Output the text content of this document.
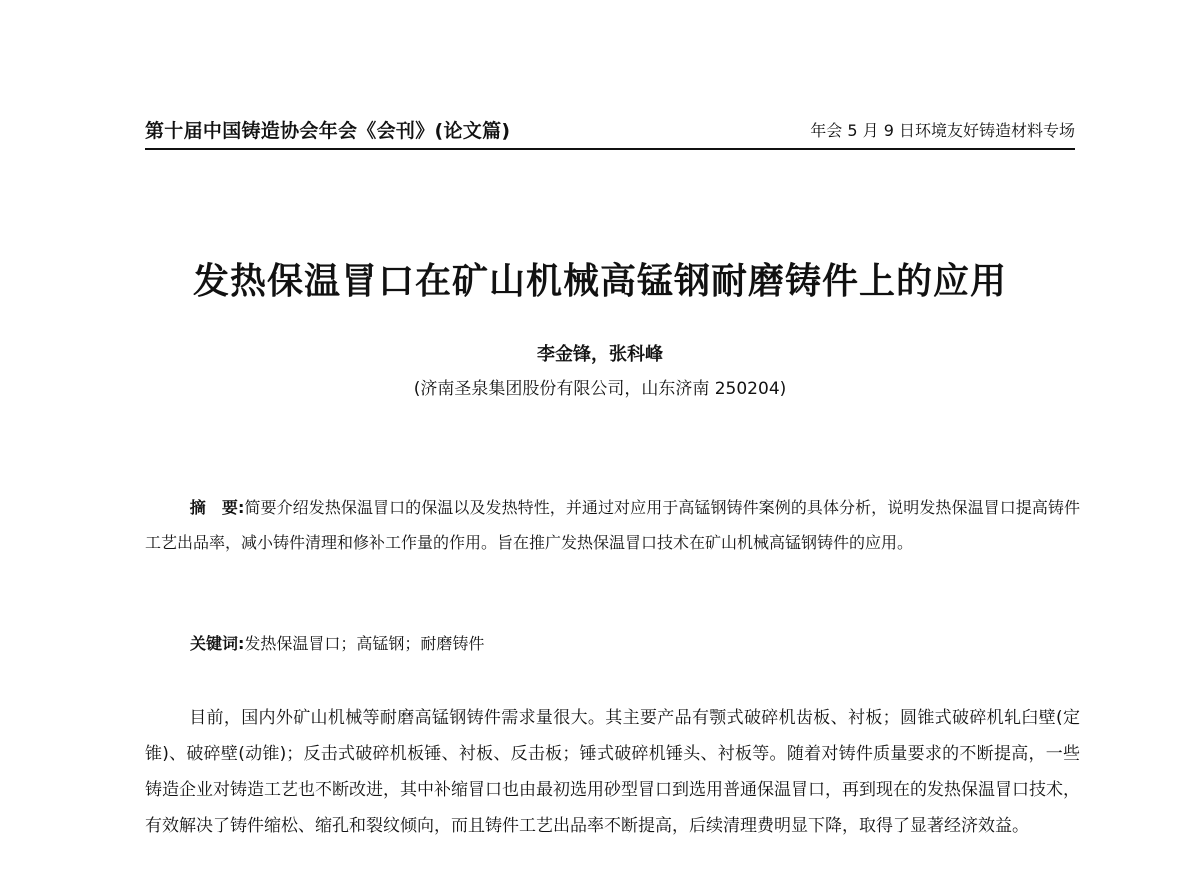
第十届中国铸造协会年会《会刊》(论文篇)	年会 5 月 9 日环境友好铸造材料专场
发热保温冒口在矿山机械高锰钢耐磨铸件上的应用
李金锋，张科峰
(济南圣泉集团股份有限公司，山东济南 250204)
摘　要:简要介绍发热保温冒口的保温以及发热特性，并通过对应用于高锰钢铸件案例的具体分析，说明发热保温冒口提高铸件工艺出品率，减小铸件清理和修补工作量的作用。旨在推广发热保温冒口技术在矿山机械高锰钢铸件的应用。
关键词:发热保温冒口；高锰钢；耐磨铸件
目前，国内外矿山机械等耐磨高锰钢铸件需求量很大。其主要产品有颚式破碎机齿板、衬板；圆锥式破碎机轧臼壁(定锥)、破碎壁(动锥)；反击式破碎机板锤、衬板、反击板；锤式破碎机锤头、衬板等。随着对铸件质量要求的不断提高，一些铸造企业对铸造工艺也不断改进，其中补缩冒口也由最初选用砂型冒口到选用普通保温冒口，再到现在的发热保温冒口技术，有效解决了铸件缩松、缩孔和裂纹倾向，而且铸件工艺出品率不断提高，后续清理费明显下降，取得了显著经济效益。
